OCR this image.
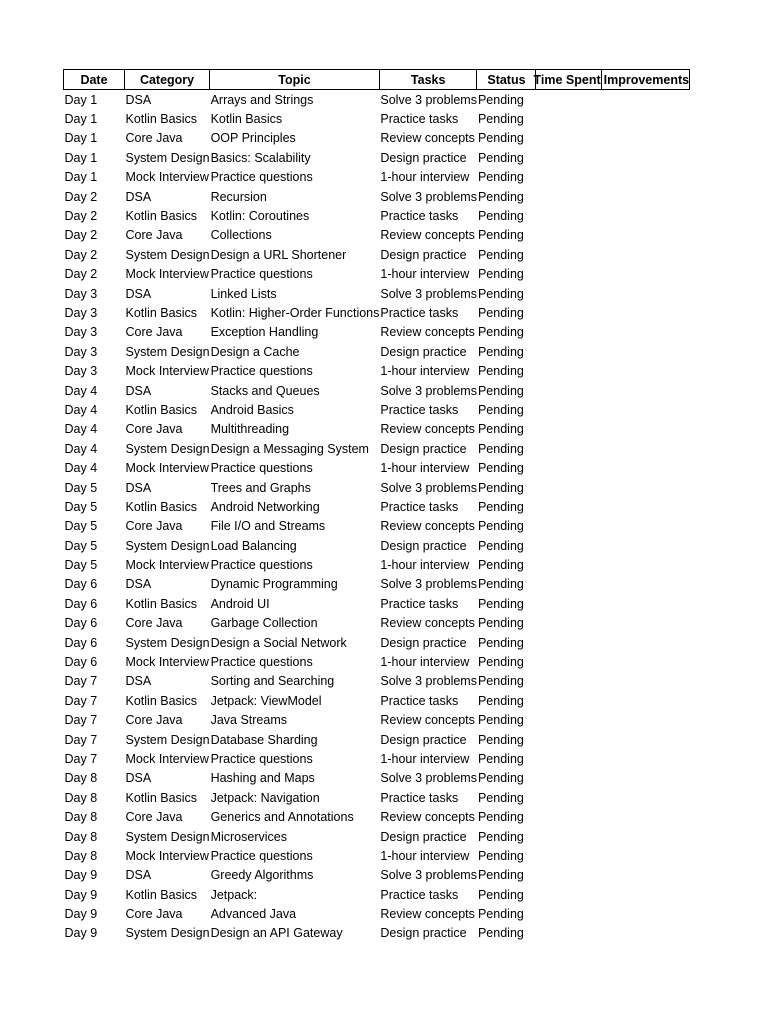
Date	Category	Topic	Tasks	Status	Time Spent	Improvements
Day 1	DSA	Arrays and Strings	Solve 3 problems	Pending		
Day 1	Kotlin Basics	Kotlin Basics	Practice tasks	Pending		
Day 1	Core Java	OOP Principles	Review concepts	Pending		
Day 1	System Design	Basics: Scalability	Design practice	Pending		
Day 1	Mock Interview	Practice questions	1-hour interview	Pending		
Day 2	DSA	Recursion	Solve 3 problems	Pending		
Day 2	Kotlin Basics	Kotlin: Coroutines	Practice tasks	Pending		
Day 2	Core Java	Collections	Review concepts	Pending		
Day 2	System Design	Design a URL Shortener	Design practice	Pending		
Day 2	Mock Interview	Practice questions	1-hour interview	Pending		
Day 3	DSA	Linked Lists	Solve 3 problems	Pending		
Day 3	Kotlin Basics	Kotlin: Higher-Order Functions	Practice tasks	Pending		
Day 3	Core Java	Exception Handling	Review concepts	Pending		
Day 3	System Design	Design a Cache	Design practice	Pending		
Day 3	Mock Interview	Practice questions	1-hour interview	Pending		
Day 4	DSA	Stacks and Queues	Solve 3 problems	Pending		
Day 4	Kotlin Basics	Android Basics	Practice tasks	Pending		
Day 4	Core Java	Multithreading	Review concepts	Pending		
Day 4	System Design	Design a Messaging System	Design practice	Pending		
Day 4	Mock Interview	Practice questions	1-hour interview	Pending		
Day 5	DSA	Trees and Graphs	Solve 3 problems	Pending		
Day 5	Kotlin Basics	Android Networking	Practice tasks	Pending		
Day 5	Core Java	File I/O and Streams	Review concepts	Pending		
Day 5	System Design	Load Balancing	Design practice	Pending		
Day 5	Mock Interview	Practice questions	1-hour interview	Pending		
Day 6	DSA	Dynamic Programming	Solve 3 problems	Pending		
Day 6	Kotlin Basics	Android UI	Practice tasks	Pending		
Day 6	Core Java	Garbage Collection	Review concepts	Pending		
Day 6	System Design	Design a Social Network	Design practice	Pending		
Day 6	Mock Interview	Practice questions	1-hour interview	Pending		
Day 7	DSA	Sorting and Searching	Solve 3 problems	Pending		
Day 7	Kotlin Basics	Jetpack: ViewModel	Practice tasks	Pending		
Day 7	Core Java	Java Streams	Review concepts	Pending		
Day 7	System Design	Database Sharding	Design practice	Pending		
Day 7	Mock Interview	Practice questions	1-hour interview	Pending		
Day 8	DSA	Hashing and Maps	Solve 3 problems	Pending		
Day 8	Kotlin Basics	Jetpack: Navigation	Practice tasks	Pending		
Day 8	Core Java	Generics and Annotations	Review concepts	Pending		
Day 8	System Design	Microservices	Design practice	Pending		
Day 8	Mock Interview	Practice questions	1-hour interview	Pending		
Day 9	DSA	Greedy Algorithms	Solve 3 problems	Pending		
Day 9	Kotlin Basics	Jetpack:	Practice tasks	Pending		
Day 9	Core Java	Advanced Java	Review concepts	Pending		
Day 9	System Design	Design an API Gateway	Design practice	Pending		
